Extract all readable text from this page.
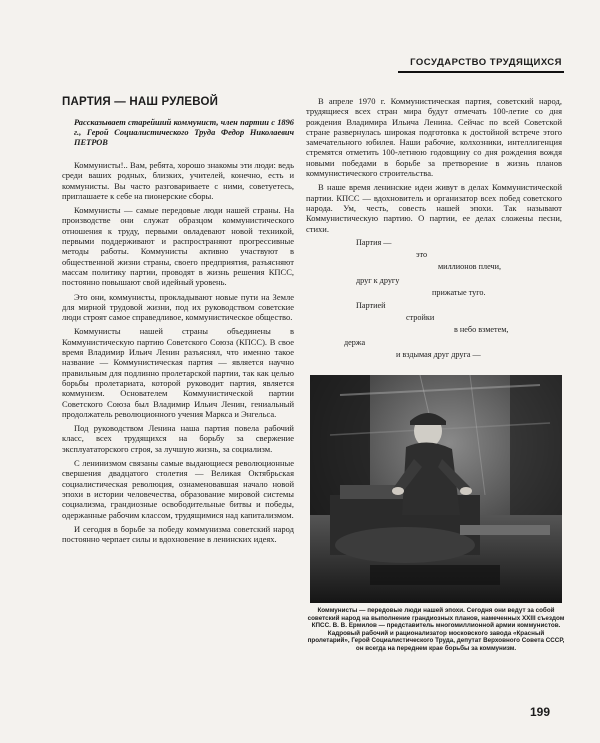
ГОСУДАРСТВО ТРУДЯЩИХСЯ
ПАРТИЯ — НАШ РУЛЕВОЙ

Рассказывает старейший коммунист, член партии с 1896 г., Герой Социалистического Труда Федор Николаевич ПЕТРОВ

Коммунисты!.. Вам, ребята, хорошо знакомы эти люди: ведь среди ваших родных, близких, учителей, конечно, есть и коммунисты. Вы часто разговариваете с ними, советуетесь, приглашаете к себе на пионерские сборы.

Коммунисты — самые передовые люди нашей страны. На производстве они служат образцом коммунистического отношения к труду, первыми овладевают новой техникой, первыми поддерживают и распространяют прогрессивные методы работы. Коммунисты активно участвуют в общественной жизни страны, своего предприятия, разъясняют массам политику партии, проводят в жизнь решения КПСС, постоянно повышают свой идейный уровень.

Это они, коммунисты, прокладывают новые пути на Земле для мирной трудовой жизни, под их руководством советские люди строят самое справедливое, коммунистическое общество.

Коммунисты нашей страны объединены в Коммунистическую партию Советского Союза (КПСС). В свое время Владимир Ильич Ленин разъяснял, что именно такое название — Коммунистическая партия — является научно правильным для подлинно пролетарской партии, так как целью борьбы пролетариата, которой руководит партия, является коммунизм. Основателем Коммунистической партии Советского Союза был Владимир Ильич Ленин, гениальный продолжатель революционного учения Маркса и Энгельса.

Под руководством Ленина наша партия повела рабочий класс, всех трудящихся на борьбу за свержение эксплуататорского строя, за лучшую жизнь, за социализм.

С ленинизмом связаны самые выдающиеся революционные свершения двадцатого столетия — Великая Октябрьская социалистическая революция, ознаменовавшая начало новой эпохи в истории человечества, образование мировой системы социализма, грандиозные освободительные битвы и победы, одержанные рабочим классом, трудящимися над капитализмом.

И сегодня в борьбе за победу коммунизма советский народ постоянно черпает силы и вдохновение в ленинских идеях.

В апреле 1970 г. Коммунистическая партия, советский народ, трудящиеся всех стран мира будут отмечать 100-летие со дня рождения Владимира Ильича Ленина. Сейчас по всей Советской стране развернулась широкая подготовка к достойной встрече этого замечательного юбилея. Наши рабочие, колхозники, интеллигенция стремятся отметить 100-летнюю годовщину со дня рождения вождя новыми победами в борьбе за претворение в жизнь планов коммунистического строительства.

В наше время ленинские идеи живут в делах Коммунистической партии. КПСС — вдохновитель и организатор всех побед советского народа. Ум, честь, совесть нашей эпохи. Так называют Коммунистическую партию. О партии, ее делах сложены песни, стихи.

Партия —
это
миллионов плечи,
друг к другу
прижатые туго.
Партией
стройки
в небо взметем,
держа
и вздымая друг друга —
Коммунисты — передовые люди нашей эпохи. Сегодня они ведут за собой советский народ на выполнение грандиозных планов, намеченных XXIII съездом КПСС. В. В. Ермилов — представитель многомиллионной армии коммунистов. Кадровый рабочий и рационализатор московского завода «Красный пролетарий», Герой Социалистического Труда, депутат Верховного Совета СССР, он всегда на переднем крае борьбы за коммунизм.
199
